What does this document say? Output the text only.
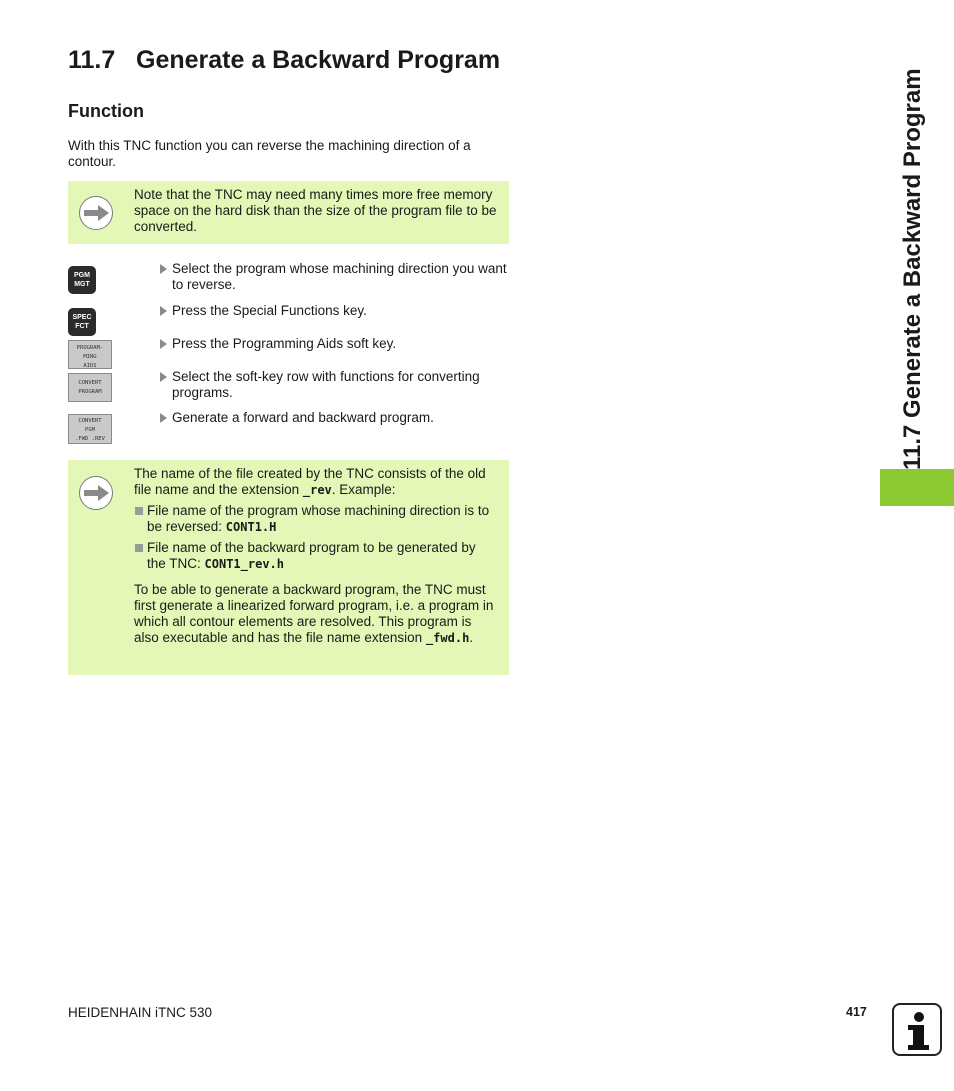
11.7 Generate a Backward Program
Function
With this TNC function you can reverse the machining direction of a contour.
Note that the TNC may need many times more free memory space on the hard disk than the size of the program file to be converted.
PGM
MGT
Select the program whose machining direction you want to reverse.
SPEC
FCT
Press the Special Functions key.
PROGRAM-
MING
AIDS
Press the Programming Aids soft key.
CONVERT
PROGRAM
Select the soft-key row with functions for converting programs.
CONVERT
PGM
.FWD .REV
Generate a forward and backward program.
The name of the file created by the TNC consists of the old file name and the extension _rev. Example:
File name of the program whose machining direction is to be reversed: CONT1.H
File name of the backward program to be generated by the TNC: CONT1_rev.h
To be able to generate a backward program, the TNC must first generate a linearized forward program, i.e. a program in which all contour elements are resolved. This program is also executable and has the file name extension _fwd.h.
11.7 Generate a Backward Program
HEIDENHAIN iTNC 530	417
